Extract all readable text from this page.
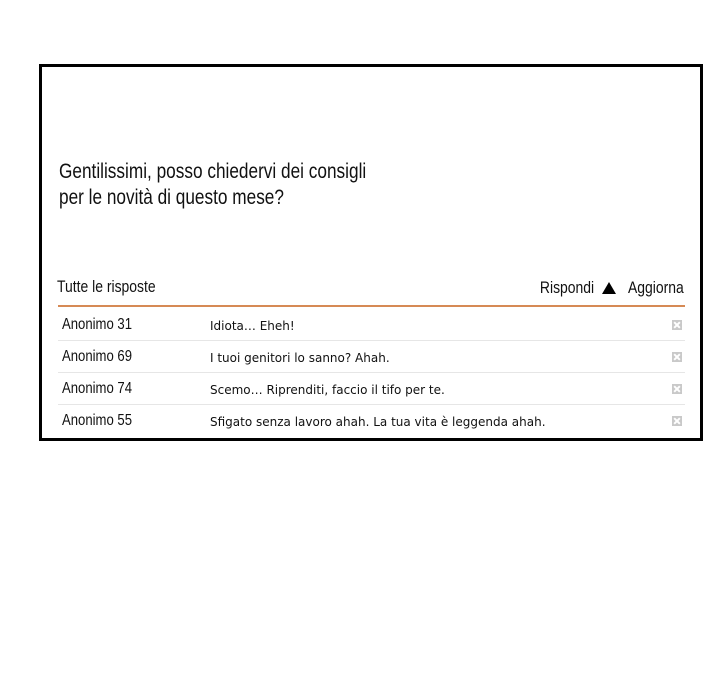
Gentilissimi, posso chiedervi dei consigli
per le novità di questo mese?
Tutte le risposte	Rispondi Aggiorna
Anonimo 31	Idiota… Eheh!
Anonimo 69	I tuoi genitori lo sanno? Ahah.
Anonimo 74	Scemo… Riprenditi, faccio il tifo per te.
Anonimo 55	Sfigato senza lavoro ahah. La tua vita è leggenda ahah.
